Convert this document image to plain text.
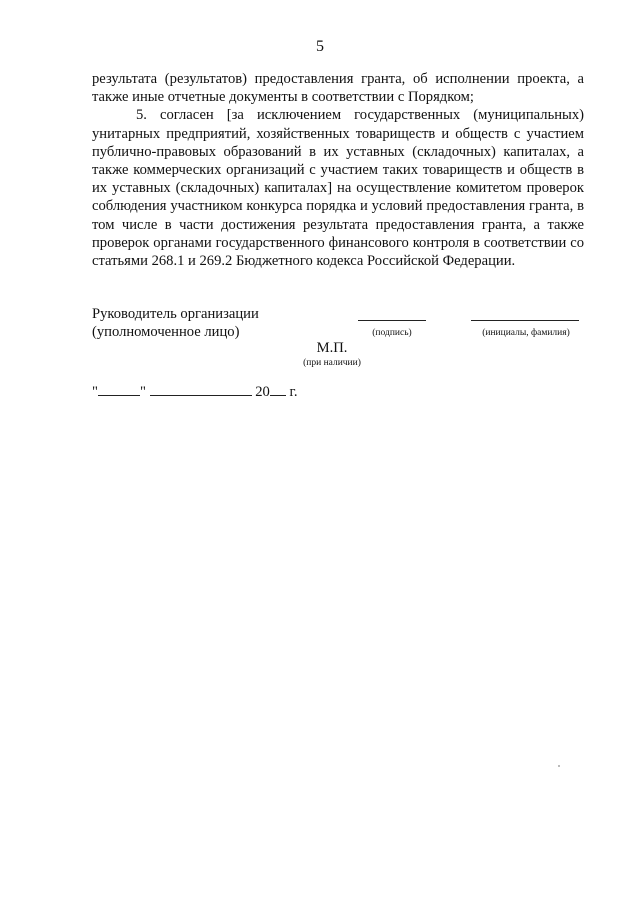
5

результата (результатов) предоставления гранта, об исполнении проекта, а также иные отчетные документы в соответствии с Порядком;

5. согласен [за исключением государственных (муниципальных) унитарных предприятий, хозяйственных товариществ и обществ с участием публично-правовых образований в их уставных (складочных) капиталах, а также коммерческих организаций с участием таких товариществ и обществ в их уставных (складочных) капиталах] на осуществление комитетом проверок соблюдения участником конкурса порядка и условий предоставления гранта, в том числе в части достижения результата предоставления гранта, а также проверок органами государственного финансового контроля в соответствии со статьями 268.1 и 269.2 Бюджетного кодекса Российской Федерации.

Руководитель организации
(уполномоченное лицо)	(подпись)	(инициалы, фамилия)
М.П.
(при наличии)
"	"	20 г.
